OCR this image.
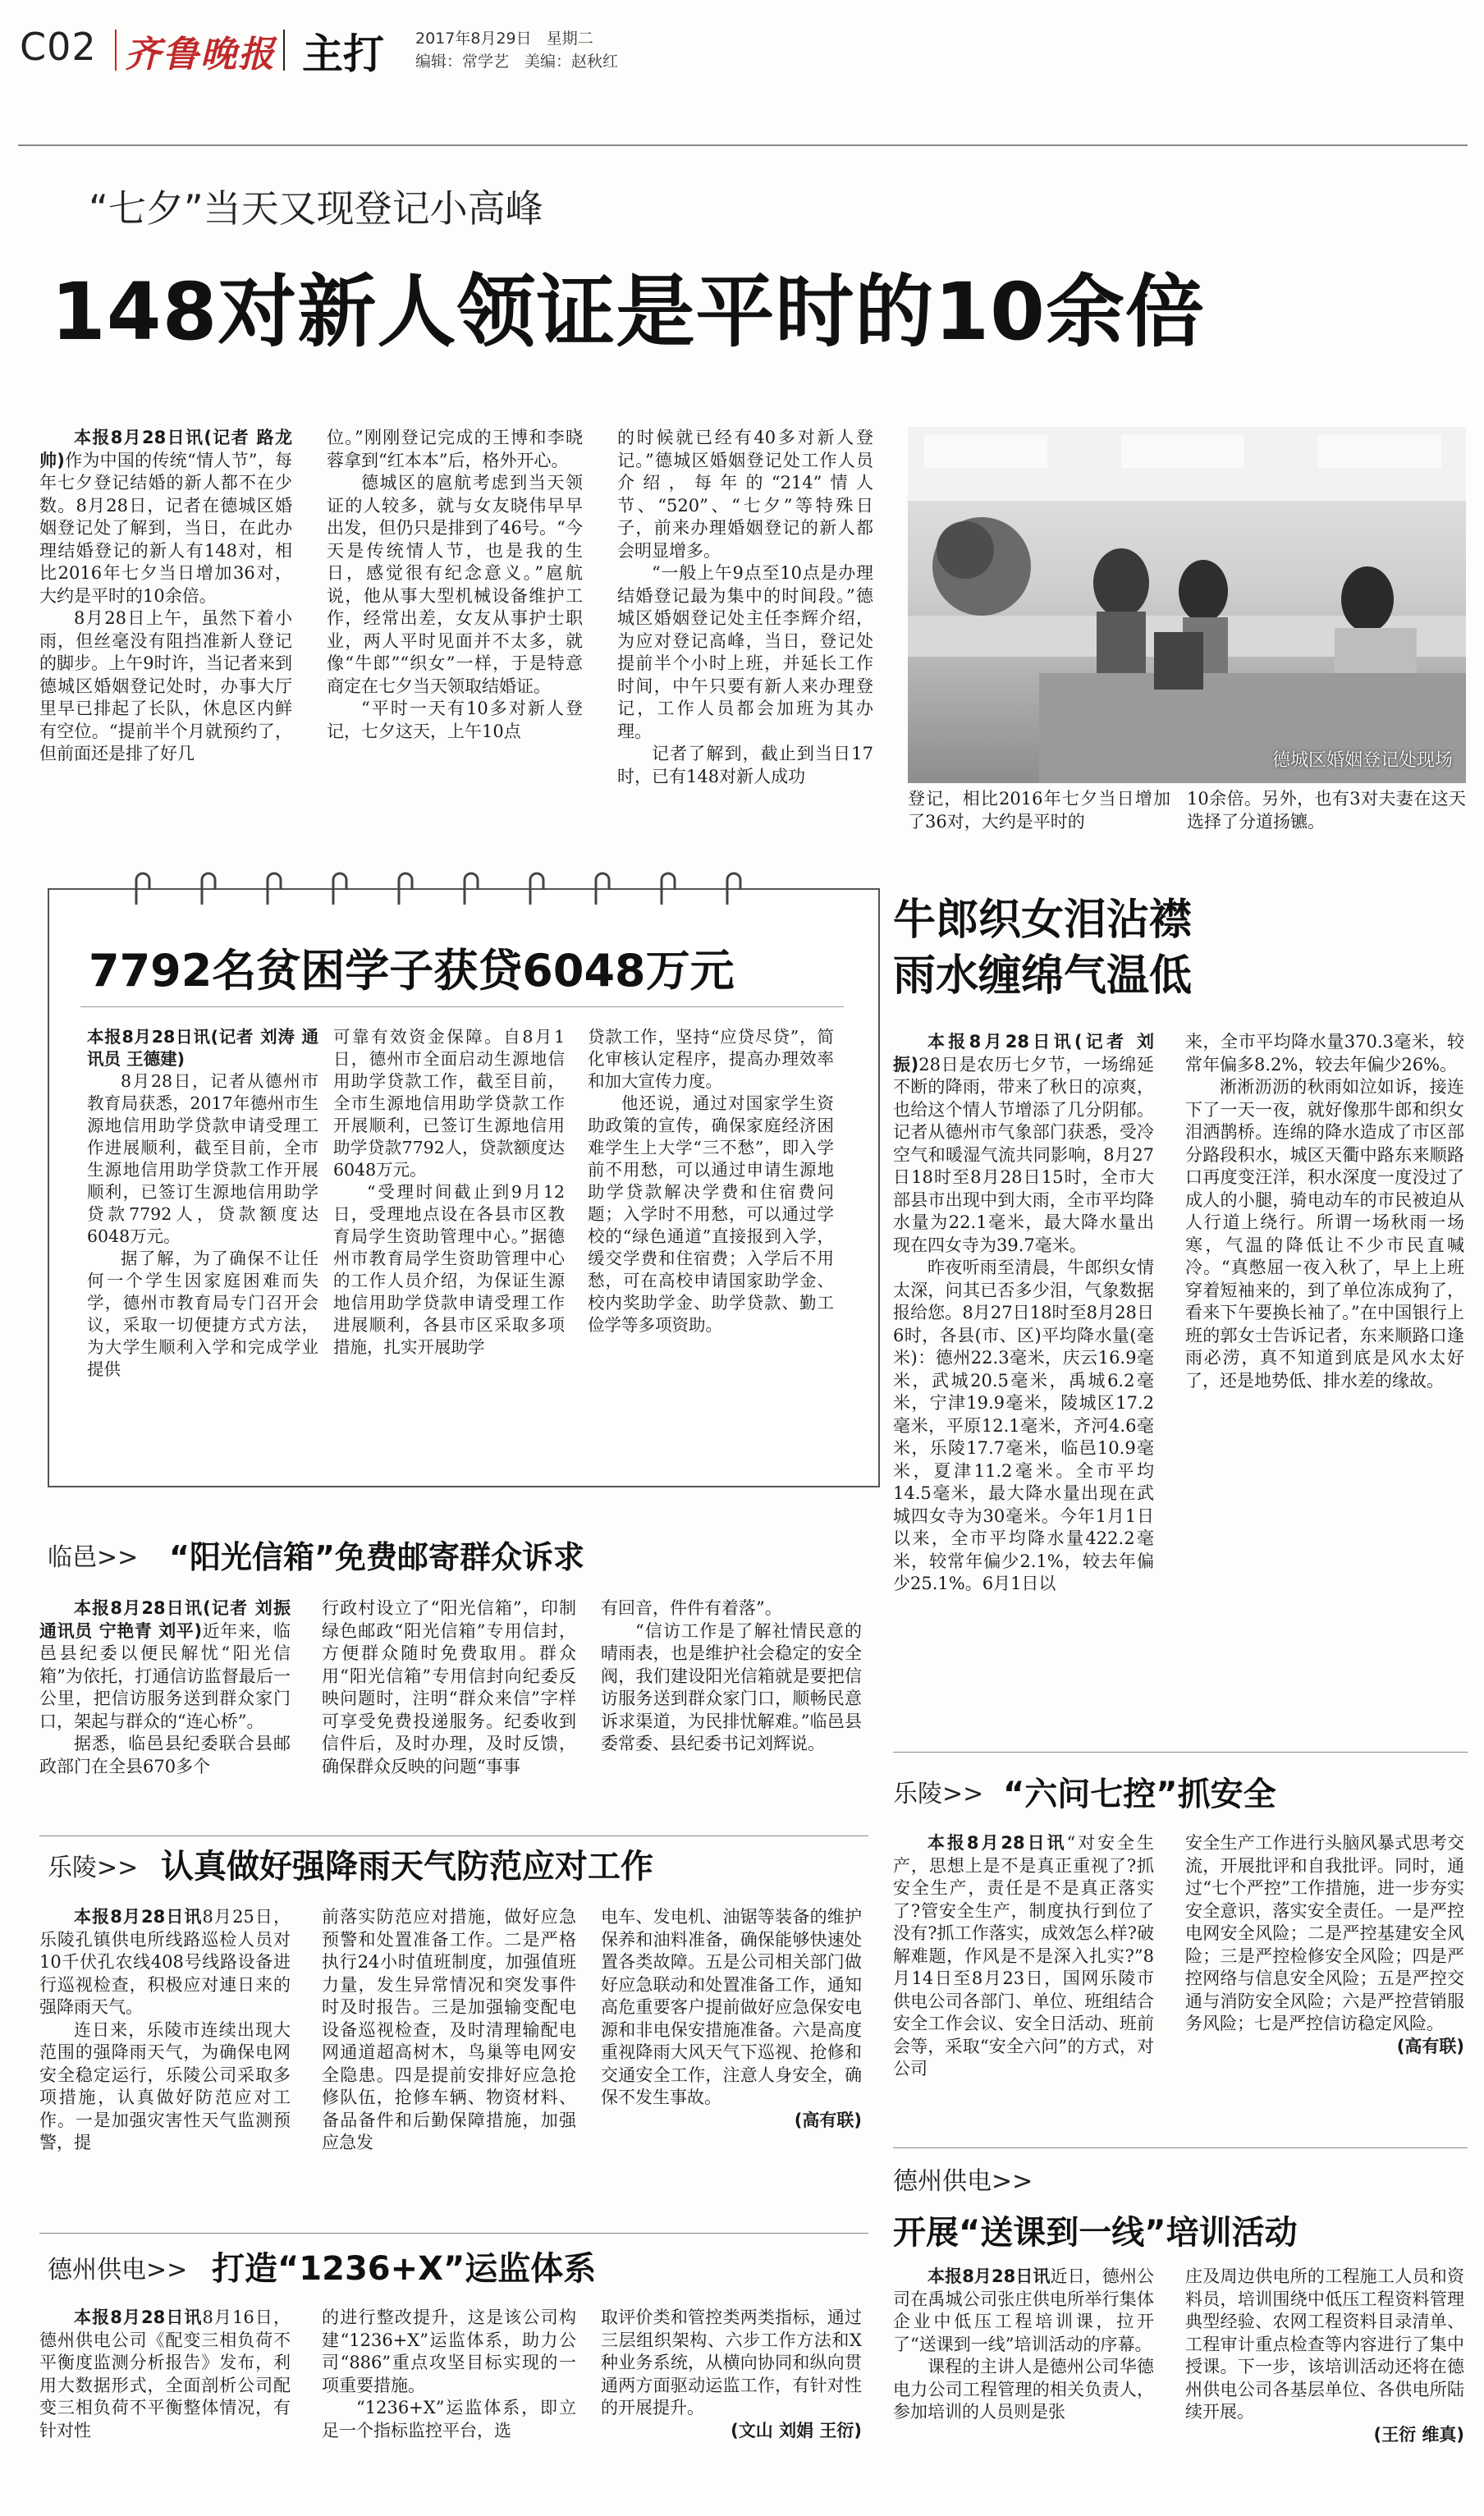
C02 齐鲁晚报 主打 2017年8月29日 星期二
编辑：常学艺　美编：赵秋红
“七夕”当天又现登记小高峰
148对新人领证是平时的10余倍

本报8月28日讯(记者 路龙帅)作为中国的传统“情人节”，每年七夕登记结婚的新人都不在少数。8月28日，记者在德城区婚姻登记处了解到，当日，在此办理结婚登记的新人有148对，相比2016年七夕当日增加36对，大约是平时的10余倍。

8月28日上午，虽然下着小雨，但丝毫没有阻挡准新人登记的脚步。上午9时许，当记者来到德城区婚姻登记处时，办事大厅里早已排起了长队，休息区内鲜有空位。“提前半个月就预约了，但前面还是排了好几

位。”刚刚登记完成的王博和李晓蓉拿到“红本本”后，格外开心。

德城区的扈航考虑到当天领证的人较多，就与女友晓伟早早出发，但仍只是排到了46号。“今天是传统情人节，也是我的生日，感觉很有纪念意义。”扈航说，他从事大型机械设备维护工作，经常出差，女友从事护士职业，两人平时见面并不太多，就像“牛郎”“织女”一样，于是特意商定在七夕当天领取结婚证。

“平时一天有10多对新人登记，七夕这天，上午10点

的时候就已经有40多对新人登记。”德城区婚姻登记处工作人员介绍，每年的“214”情人节、“520”、“七夕”等特殊日子，前来办理婚姻登记的新人都会明显增多。

“一般上午9点至10点是办理结婚登记最为集中的时间段。”德城区婚姻登记处主任李辉介绍，为应对登记高峰，当日，登记处提前半个小时上班，并延长工作时间，中午只要有新人来办理登记，工作人员都会加班为其办理。

记者了解到，截止到当日17时，已有148对新人成功

德城区婚姻登记处现场

登记，相比2016年七夕当日增加了36对，大约是平时的

10余倍。另外，也有3对夫妻在这天选择了分道扬镳。

7792名贫困学子获贷6048万元

本报8月28日讯(记者 刘涛 通讯员 王德建)

8月28日，记者从德州市教育局获悉，2017年德州市生源地信用助学贷款申请受理工作进展顺利，截至目前，全市生源地信用助学贷款工作开展顺利，已签订生源地信用助学贷款7792人，贷款额度达6048万元。

据了解，为了确保不让任何一个学生因家庭困难而失学，德州市教育局专门召开会议，采取一切便捷方式方法，为大学生顺利入学和完成学业提供

可靠有效资金保障。自8月1日，德州市全面启动生源地信用助学贷款工作，截至目前，全市生源地信用助学贷款工作开展顺利，已签订生源地信用助学贷款7792人，贷款额度达6048万元。

“受理时间截止到9月12日，受理地点设在各县市区教育局学生资助管理中心。”据德州市教育局学生资助管理中心的工作人员介绍，为保证生源地信用助学贷款申请受理工作进展顺利，各县市区采取多项措施，扎实开展助学

贷款工作，坚持“应贷尽贷”，简化审核认定程序，提高办理效率和加大宣传力度。

他还说，通过对国家学生资助政策的宣传，确保家庭经济困难学生上大学“三不愁”，即入学前不用愁，可以通过申请生源地助学贷款解决学费和住宿费问题；入学时不用愁，可以通过学校的“绿色通道”直接报到入学，缓交学费和住宿费；入学后不用愁，可在高校申请国家助学金、校内奖助学金、助学贷款、勤工俭学等多项资助。

牛郎织女泪沾襟
雨水缠绵气温低

本报8月28日讯(记者 刘振)28日是农历七夕节，一场绵延不断的降雨，带来了秋日的凉爽，也给这个情人节增添了几分阴郁。记者从德州市气象部门获悉，受冷空气和暖湿气流共同影响，8月27日18时至8月28日15时，全市大部县市出现中到大雨，全市平均降水量为22.1毫米，最大降水量出现在四女寺为39.7毫米。

昨夜听雨至清晨，牛郎织女情太深，问其已否多少泪，气象数据报给您。8月27日18时至8月28日6时，各县(市、区)平均降水量(毫米)：德州22.3毫米，庆云16.9毫米，武城20.5毫米，禹城6.2毫米，宁津19.9毫米，陵城区17.2毫米，平原12.1毫米，齐河4.6毫米，乐陵17.7毫米，临邑10.9毫米，夏津11.2毫米。全市平均14.5毫米，最大降水量出现在武城四女寺为30毫米。今年1月1日以来，全市平均降水量422.2毫米，较常年偏少2.1%，较去年偏少25.1%。6月1日以

来，全市平均降水量370.3毫米，较常年偏多8.2%，较去年偏少26%。

淅淅沥沥的秋雨如泣如诉，接连下了一天一夜，就好像那牛郎和织女泪洒鹊桥。连绵的降水造成了市区部分路段积水，城区天衢中路东来顺路口再度变汪洋，积水深度一度没过了成人的小腿，骑电动车的市民被迫从人行道上绕行。所谓一场秋雨一场寒，气温的降低让不少市民直喊冷。“真憋屈一夜入秋了，早上上班穿着短袖来的，到了单位冻成狗了，看来下午要换长袖了。”在中国银行上班的郭女士告诉记者，东来顺路口逢雨必涝，真不知道到底是风水太好了，还是地势低、排水差的缘故。

临邑>> “阳光信箱”免费邮寄群众诉求

本报8月28日讯(记者 刘振 通讯员 宁艳青 刘平)近年来，临邑县纪委以便民解忧“阳光信箱”为依托，打通信访监督最后一公里，把信访服务送到群众家门口，架起与群众的“连心桥”。

据悉，临邑县纪委联合县邮政部门在全县670多个

行政村设立了“阳光信箱”，印制绿色邮政“阳光信箱”专用信封，方便群众随时免费取用。群众用“阳光信箱”专用信封向纪委反映问题时，注明“群众来信”字样可享受免费投递服务。纪委收到信件后，及时办理，及时反馈，确保群众反映的问题“事事

有回音，件件有着落”。

“信访工作是了解社情民意的晴雨表，也是维护社会稳定的安全阀，我们建设阳光信箱就是要把信访服务送到群众家门口，顺畅民意诉求渠道，为民排忧解难。”临邑县委常委、县纪委书记刘辉说。

乐陵>> “六问七控”抓安全

本报8月28日讯“对安全生产，思想上是不是真正重视了?抓安全生产，责任是不是真正落实了?管安全生产，制度执行到位了没有?抓工作落实，成效怎么样?破解难题，作风是不是深入扎实?”8月14日至8月23日，国网乐陵市供电公司各部门、单位、班组结合安全工作会议、安全日活动、班前会等，采取“安全六问”的方式，对公司

安全生产工作进行头脑风暴式思考交流，开展批评和自我批评。同时，通过“七个严控”工作措施，进一步夯实安全意识，落实安全责任。一是严控电网安全风险；二是严控基建安全风险；三是严控检修安全风险；四是严控网络与信息安全风险；五是严控交通与消防安全风险；六是严控营销服务风险；七是严控信访稳定风险。

(高有联)
乐陵>> 认真做好强降雨天气防范应对工作

本报8月28日讯8月25日，乐陵孔镇供电所线路巡检人员对10千伏孔农线408号线路设备进行巡视检查，积极应对連日来的强降雨天气。

连日来，乐陵市连续出现大范围的强降雨天气，为确保电网安全稳定运行，乐陵公司采取多项措施，认真做好防范应对工作。一是加强灾害性天气监测预警，提

前落实防范应对措施，做好应急预警和处置准备工作。二是严格执行24小时值班制度，加强值班力量，发生异常情况和突发事件时及时报告。三是加强输变配电设备巡视检查，及时清理输配电网通道超高树木，鸟巢等电网安全隐患。四是提前安排好应急抢修队伍，抢修车辆、物资材料、备品备件和后勤保障措施，加强应急发

电车、发电机、油锯等装备的维护保养和油料准备，确保能够快速处置各类故障。五是公司相关部门做好应急联动和处置准备工作，通知高危重要客户提前做好应急保安电源和非电保安措施准备。六是高度重视降雨大风天气下巡视、抢修和交通安全工作，注意人身安全，确保不发生事故。

(高有联)
德州供电>>
开展“送课到一线”培训活动

本报8月28日讯近日，德州公司在禹城公司张庄供电所举行集体企业中低压工程培训课，拉开了“送课到一线”培训活动的序幕。

课程的主讲人是德州公司华德电力公司工程管理的相关负责人，参加培训的人员则是张

庄及周边供电所的工程施工人员和资料员，培训围绕中低压工程资料管理典型经验、农网工程资料目录清单、工程审计重点检查等内容进行了集中授课。下一步，该培训活动还将在德州供电公司各基层单位、各供电所陆续开展。

(王衍 维真)
德州供电>> 打造“1236+X”运监体系

本报8月28日讯8月16日，德州供电公司《配变三相负荷不平衡度监测分析报告》发布，利用大数据形式，全面剖析公司配变三相负荷不平衡整体情况，有针对性

的进行整改提升，这是该公司构建“1236+X”运监体系，助力公司“886”重点攻坚目标实现的一项重要措施。

“1236+X”运监体系，即立足一个指标监控平台，选

取评价类和管控类两类指标，通过三层组织架构、六步工作方法和X种业务系统，从横向协同和纵向贯通两方面驱动运监工作，有针对性的开展提升。

(文山 刘娟 王衍)
